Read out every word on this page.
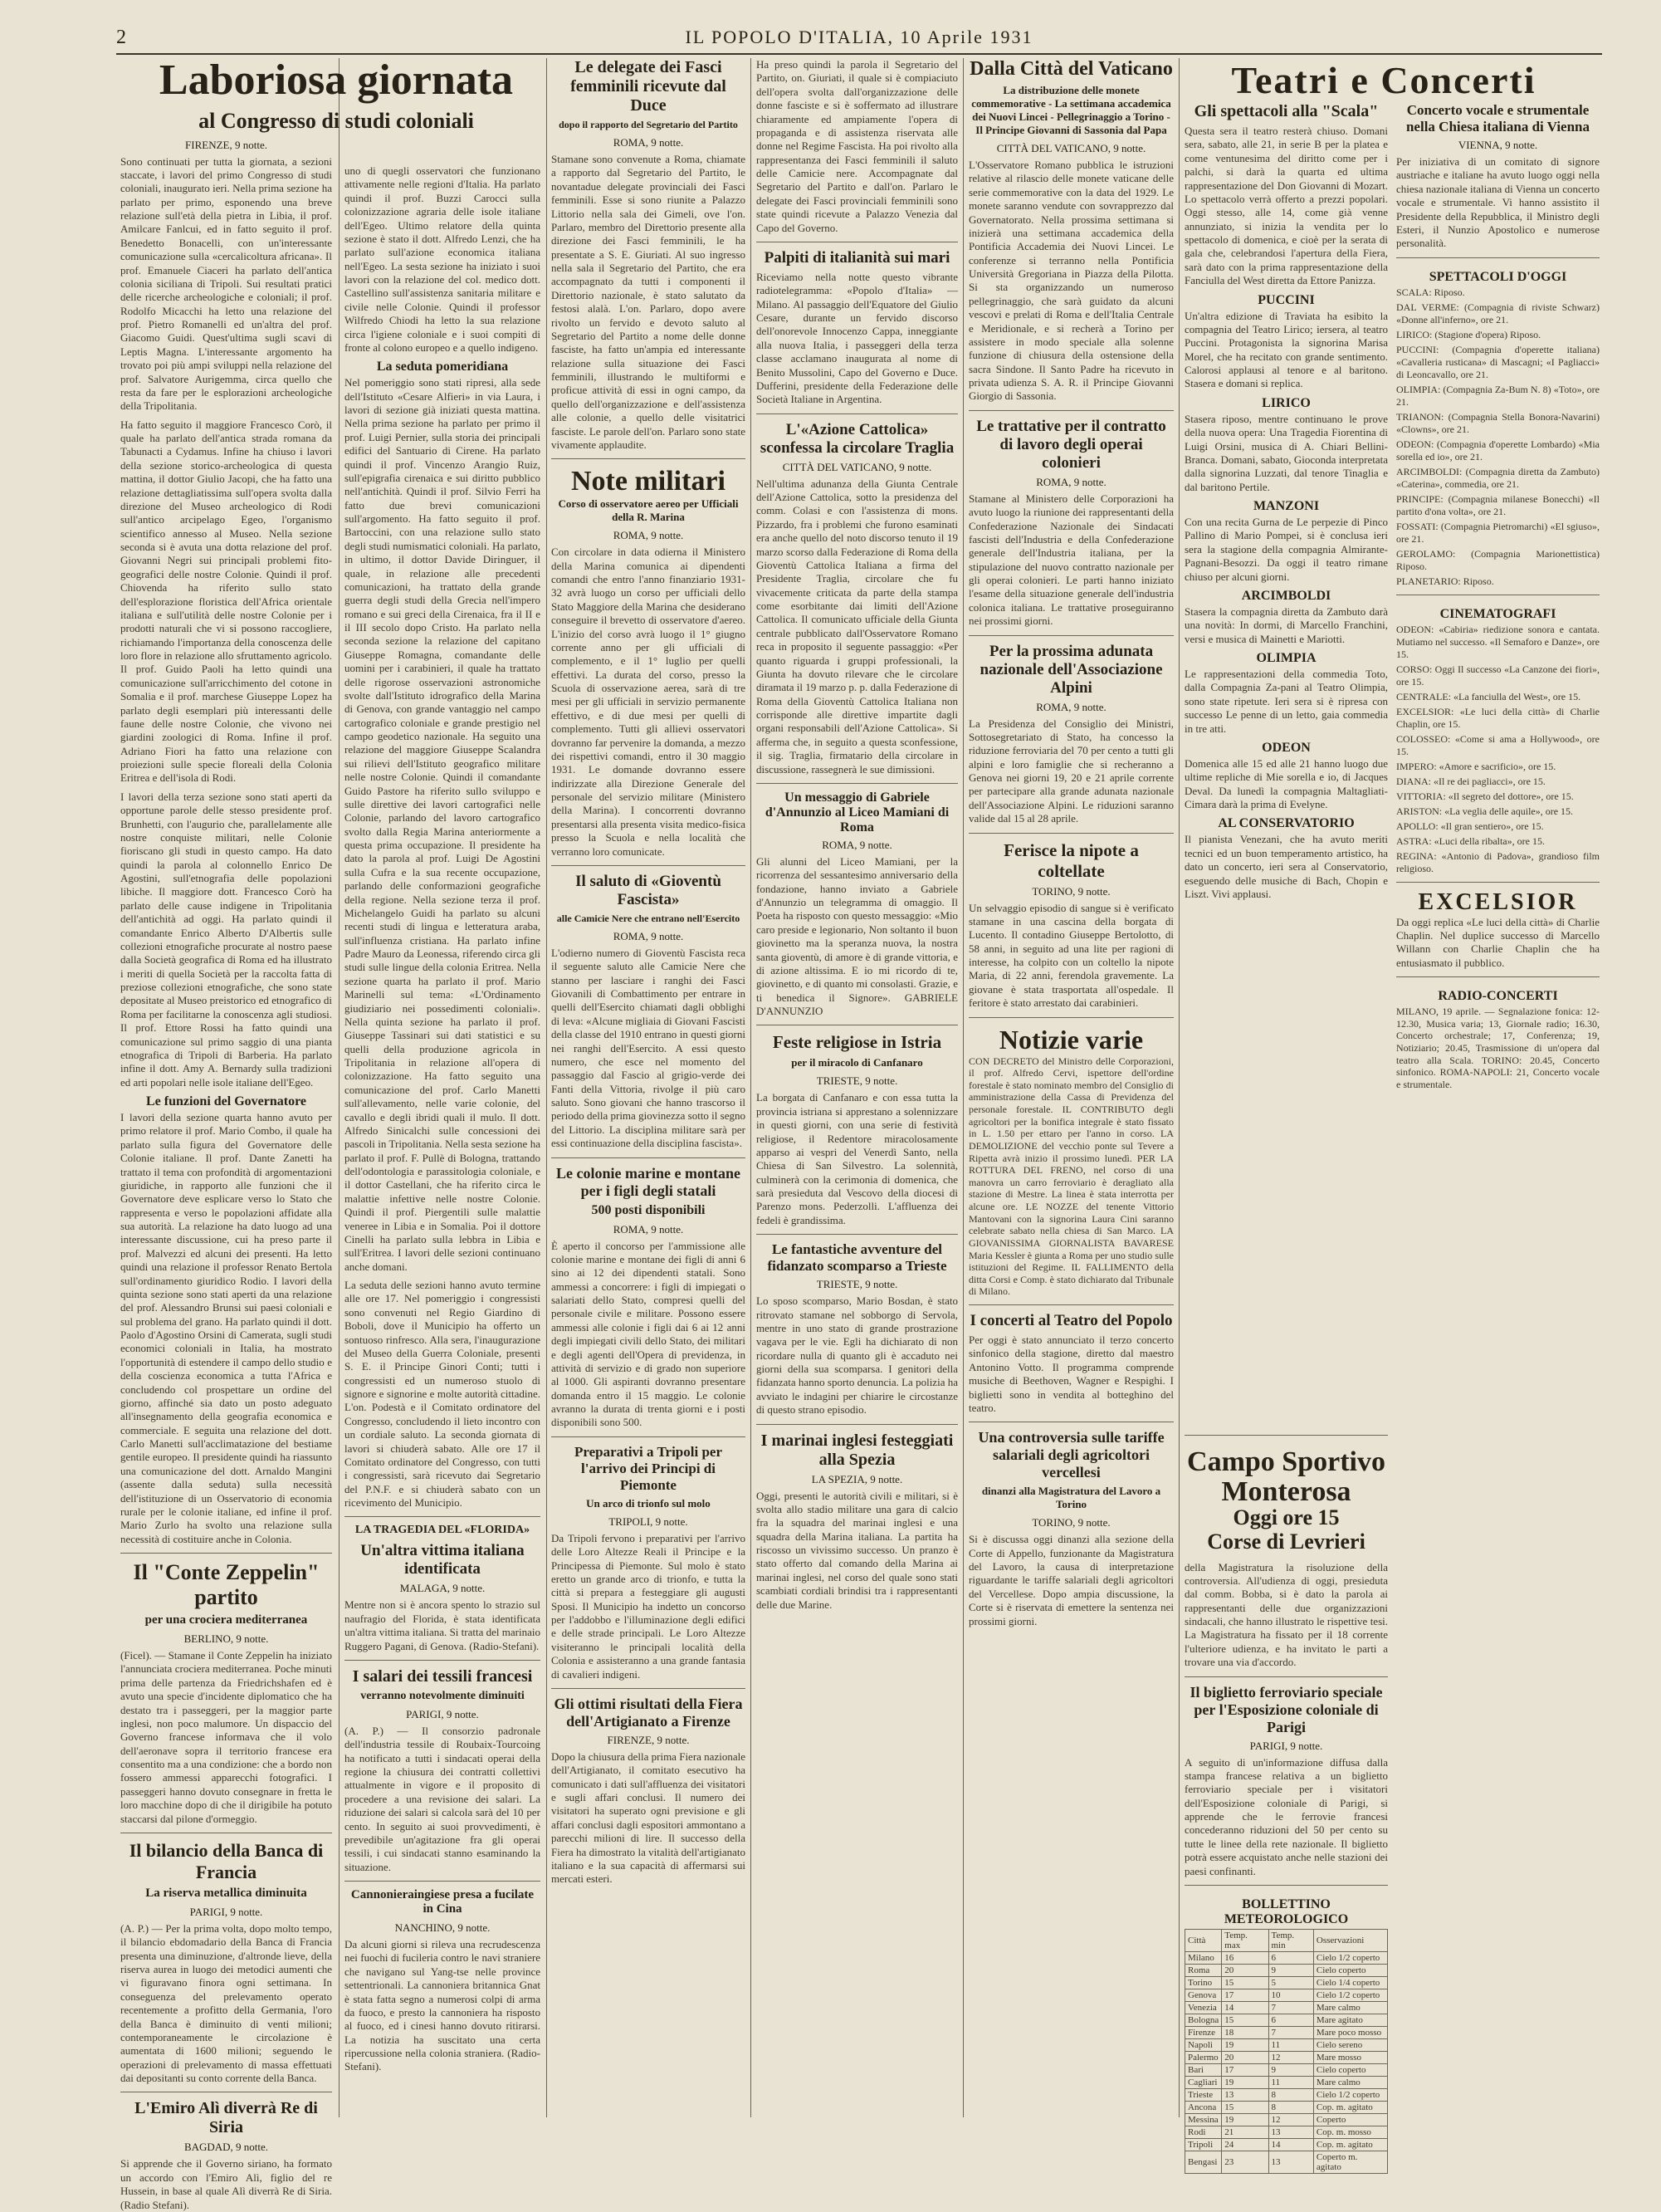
2	IL POPOLO D'ITALIA, 10 Aprile 1931
Laboriosa giornata
al Congresso di studi coloniali
FIRENZE, 9 notte.

Sono continuati per tutta la giornata, a sezioni staccate, i lavori del primo Congresso di studi coloniali, inaugurato ieri. Nella prima sezione ha parlato per primo, esponendo una breve relazione sull'età della pietra in Libia, il prof. Amilcare Fanlcui, ed in fatto seguito il prof. Benedetto Bonacelli, con un'interessante comunicazione sulla «cercalicoltura africana». Il prof. Emanuele Ciaceri ha parlato dell'antica colonia siciliana di Tripoli. Sui resultati pratici delle ricerche archeologiche e coloniali; il prof. Rodolfo Micacchi ha letto una relazione del prof. Pietro Romanelli ed un'altra del prof. Giacomo Guidi. Quest'ultima sugli scavi di Leptis Magna. L'interessante argomento ha trovato poi più ampi sviluppi nella relazione del prof. Salvatore Aurigemma, circa quello che resta da fare per le esplorazioni archeologiche della Tripolitania.

Ha fatto seguito il maggiore Francesco Corò, il quale ha parlato dell'antica strada romana da Tabunacti a Cydamus. Infine ha chiuso i lavori della sezione storico-archeologica di questa mattina, il dottor Giulio Jacopi, che ha fatto una relazione dettagliatissima sull'opera svolta dalla direzione del Museo archeologico di Rodi sull'antico arcipelago Egeo, l'organismo scientifico annesso al Museo. Nella sezione seconda si è avuta una dotta relazione del prof. Giovanni Negri sui principali problemi fito-geografici delle nostre Colonie. Quindi il prof. Chiovenda ha riferito sullo stato dell'esplorazione floristica dell'Africa orientale italiana e sull'utilità delle nostre Colonie per i prodotti naturali che vi si possono raccogliere, richiamando l'importanza della conoscenza delle loro flore in relazione allo sfruttamento agricolo. Il prof. Guido Paoli ha letto quindi una comunicazione sull'arricchimento del cotone in Somalia e il prof. marchese Giuseppe Lopez ha parlato degli esemplari più interessanti delle faune delle nostre Colonie, che vivono nei giardini zoologici di Roma. Infine il prof. Adriano Fiori ha fatto una relazione con proiezioni sulle specie floreali della Colonia Eritrea e dell'isola di Rodi.

I lavori della terza sezione sono stati aperti da opportune parole delle stesso presidente prof. Brunhetti, con l'augurio che, parallelamente alle nostre conquiste militari, nelle Colonie fioriscano gli studi in questo campo. Ha dato quindi la parola al colonnello Enrico De Agostini, sull'etnografia delle popolazioni libiche. Il maggiore dott. Francesco Corò ha parlato delle cause indigene in Tripolitania dell'antichità ad oggi. Ha parlato quindi il comandante Enrico Alberto D'Albertis sulle collezioni etnografiche procurate al nostro paese dalla Società geografica di Roma ed ha illustrato i meriti di quella Società per la raccolta fatta di preziose collezioni etnografiche, che sono state depositate al Museo preistorico ed etnografico di Roma per facilitarne la conoscenza agli studiosi. Il prof. Ettore Rossi ha fatto quindi una comunicazione sul primo saggio di una pianta etnografica di Tripoli di Barberia. Ha parlato infine il dott. Amy A. Bernardy sulla tradizioni ed arti popolari nelle isole italiane dell'Egeo.

Le funzioni del Governatore

I lavori della sezione quarta hanno avuto per primo relatore il prof. Mario Combo, il quale ha parlato sulla figura del Governatore delle Colonie italiane. Il prof. Dante Zanetti ha trattato il tema con profondità di argomentazioni giuridiche, in rapporto alle funzioni che il Governatore deve esplicare verso lo Stato che rappresenta e verso le popolazioni affidate alla sua autorità. La relazione ha dato luogo ad una interessante discussione, cui ha preso parte il prof. Malvezzi ed alcuni dei presenti. Ha letto quindi una relazione il professor Renato Bertola sull'ordinamento giuridico Rodio. I lavori della quinta sezione sono stati aperti da una relazione del prof. Alessandro Brunsi sui paesi coloniali e sul problema del grano. Ha parlato quindi il dott. Paolo d'Agostino Orsini di Camerata, sugli studi economici coloniali in Italia, ha mostrato l'opportunità di estendere il campo dello studio e della coscienza economica a tutta l'Africa e concludendo col prospettare un ordine del giorno, affinché sia dato un posto adeguato all'insegnamento della geografia economica e commerciale. E seguita una relazione del dott. Carlo Manetti sull'acclimatazione del bestiame gentile europeo. Il presidente quindi ha riassunto una comunicazione del dott. Arnaldo Mangini (assente dalla seduta) sulla necessità dell'istituzione di un Osservatorio di economia rurale per le colonie italiane, ed infine il prof. Mario Zurlo ha svolto una relazione sulla necessità di costituire anche in Colonia.

Il "Conte Zeppelin" partito
per una crociera mediterranea
BERLINO, 9 notte.

(Ficel). — Stamane il Conte Zeppelin ha iniziato l'annunciata crociera mediterranea. Poche minuti prima delle partenza da Friedrichshafen ed è avuto una specie d'incidente diplomatico che ha destato tra i passeggeri, per la maggior parte inglesi, non poco malumore. Un dispaccio del Governo francese informava che il volo dell'aeronave sopra il territorio francese era consentito ma a una condizione: che a bordo non fossero ammessi apparecchi fotografici. I passeggeri hanno dovuto consegnare in fretta le loro macchine dopo di che il dirigibile ha potuto staccarsi dal pilone d'ormeggio.

Il bilancio della Banca di Francia
La riserva metallica diminuita
PARIGI, 9 notte.

(A. P.) — Per la prima volta, dopo molto tempo, il bilancio ebdomadario della Banca di Francia presenta una diminuzione, d'altronde lieve, della riserva aurea in luogo dei metodici aumenti che vi figuravano finora ogni settimana. In conseguenza del prelevamento operato recentemente a profitto della Germania, l'oro della Banca è diminuito di venti milioni; contemporaneamente le circolazione è aumentata di 1600 milioni; seguendo le operazioni di prelevamento di massa effettuati dai depositanti su conto corrente della Banca.

L'Emiro Alì diverrà Re di Siria
BAGDAD, 9 notte.

Si apprende che il Governo siriano, ha formato un accordo con l'Emiro Alì, figlio del re Hussein, in base al quale Alì diverrà Re di Siria. (Radio Stefani).

uno di quegli osservatori che funzionano attivamente nelle regioni d'Italia. Ha parlato quindi il prof. Buzzi Carocci sulla colonizzazione agraria delle isole italiane dell'Egeo. Ultimo relatore della quinta sezione è stato il dott. Alfredo Lenzi, che ha parlato sull'azione economica italiana nell'Egeo. La sesta sezione ha iniziato i suoi lavori con la relazione del col. medico dott. Castellino sull'assistenza sanitaria militare e civile nelle Colonie. Quindi il professor Wilfredo Chiodi ha letto la sua relazione circa l'igiene coloniale e i suoi compiti di fronte al colono europeo e a quello indigeno.

La seduta pomeridiana

Nel pomeriggio sono stati ripresi, alla sede dell'Istituto «Cesare Alfieri» in via Laura, i lavori di sezione già iniziati questa mattina. Nella prima sezione ha parlato per primo il prof. Luigi Pernier, sulla storia dei principali edifici del Santuario di Cirene. Ha parlato quindi il prof. Vincenzo Arangio Ruiz, sull'epigrafia cirenaica e sui diritto pubblico nell'antichità. Quindi il prof. Silvio Ferri ha fatto due brevi comunicazioni sull'argomento. Ha fatto seguito il prof. Bartoccini, con una relazione sullo stato degli studi numismatici coloniali. Ha parlato, in ultimo, il dottor Davide Diringuer, il quale, in relazione alle precedenti comunicazioni, ha trattato della grande guerra degli studi della Grecia nell'impero romano e sui greci della Cirenaica, fra il II e il III secolo dopo Cristo. Ha parlato nella seconda sezione la relazione del capitano Giuseppe Romagna, comandante delle uomini per i carabinieri, il quale ha trattato delle rigorose osservazioni astronomiche svolte dall'Istituto idrografico della Marina di Genova, con grande vantaggio nel campo cartografico coloniale e grande prestigio nel campo geodetico nazionale. Ha seguito una relazione del maggiore Giuseppe Scalandra sui rilievi dell'Istituto geografico militare nelle nostre Colonie. Quindi il comandante Guido Pastore ha riferito sullo sviluppo e sulle direttive dei lavori cartografici nelle Colonie, parlando del lavoro cartografico svolto dalla Regia Marina anteriormente a questa prima occupazione. Il presidente ha dato la parola al prof. Luigi De Agostini sulla Cufra e la sua recente occupazione, parlando delle conformazioni geografiche della regione. Nella sezione terza il prof. Michelangelo Guidi ha parlato su alcuni recenti studi di lingua e letteratura araba, sull'influenza cristiana. Ha parlato infine Padre Mauro da Leonessa, riferendo circa gli studi sulle lingue della colonia Eritrea. Nella sezione quarta ha parlato il prof. Mario Marinelli sul tema: «L'Ordinamento giudiziario nei possedimenti coloniali». Nella quinta sezione ha parlato il prof. Giuseppe Tassinari sui dati statistici e su quelli della produzione agricola in Tripolitania in relazione all'opera di colonizzazione. Ha fatto seguito una comunicazione del prof. Carlo Manetti sull'allevamento, nelle varie colonie, del cavallo e degli ibridi quali il mulo. Il dott. Alfredo Sinicalchi sulle concessioni dei pascoli in Tripolitania. Nella sesta sezione ha parlato il prof. F. Pullè di Bologna, trattando dell'odontologia e parassitologia coloniale, e il dottor Castellani, che ha riferito circa le malattie infettive nelle nostre Colonie. Quindi il prof. Piergentili sulle malattie veneree in Libia e in Somalia. Poi il dottore Cinelli ha parlato sulla lebbra in Libia e sull'Eritrea. I lavori delle sezioni continuano anche domani.

La seduta delle sezioni hanno avuto termine alle ore 17. Nel pomeriggio i congressisti sono convenuti nel Regio Giardino di Boboli, dove il Municipio ha offerto un sontuoso rinfresco. Alla sera, l'inaugurazione del Museo della Guerra Coloniale, presenti S. E. il Principe Ginori Conti; tutti i congressisti ed un numeroso stuolo di signore e signorine e molte autorità cittadine. L'on. Podestà e il Comitato ordinatore del Congresso, concludendo il lieto incontro con un cordiale saluto. La seconda giornata di lavori si chiuderà sabato. Alle ore 17 il Comitato ordinatore del Congresso, con tutti i congressisti, sarà ricevuto dai Segretario del P.N.F. e si chiuderà sabato con un ricevimento del Municipio.

LA TRAGEDIA DEL «FLORIDA»
Un'altra vittima italiana identificata
MALAGA, 9 notte.

Mentre non si è ancora spento lo strazio sul naufragio del Florida, è stata identificata un'altra vittima italiana. Si tratta del marinaio Ruggero Pagani, di Genova. (Radio-Stefani).

I salari dei tessili francesi
verranno notevolmente diminuiti
PARIGI, 9 notte.

(A. P.) — Il consorzio padronale dell'industria tessile di Roubaix-Tourcoing ha notificato a tutti i sindacati operai della regione la chiusura dei contratti collettivi attualmente in vigore e il proposito di procedere a una revisione dei salari. La riduzione dei salari si calcola sarà del 10 per cento. In seguito ai suoi provvedimenti, è prevedibile un'agitazione fra gli operai tessili, i cui sindacati stanno esaminando la situazione.

Cannonieraingiese presa a fucilate in Cina
NANCHINO, 9 notte.

Da alcuni giorni si rileva una recrudescenza nei fuochi di fucileria contro le navi straniere che navigano sul Yang-tse nelle province settentrionali. La cannoniera britannica Gnat è stata fatta segno a numerosi colpi di arma da fuoco, e presto la cannoniera ha risposto al fuoco, ed i cinesi hanno dovuto ritirarsi. La notizia ha suscitato una certa ripercussione nella colonia straniera. (Radio-Stefani).

Le delegate dei Fasci femminili ricevute dal Duce
dopo il rapporto del Segretario del Partito
ROMA, 9 notte.

Stamane sono convenute a Roma, chiamate a rapporto dal Segretario del Partito, le novantadue delegate provinciali dei Fasci femminili. Esse si sono riunite a Palazzo Littorio nella sala dei Gimeli, ove l'on. Parlaro, membro del Direttorio presente alla direzione dei Fasci femminili, le ha presentate a S. E. Giuriati. Al suo ingresso nella sala il Segretario del Partito, che era accompagnato da tutti i componenti il Direttorio nazionale, è stato salutato da festosi alalà. L'on. Parlaro, dopo avere rivolto un fervido e devoto saluto al Segretario del Partito a nome delle donne fasciste, ha fatto un'ampia ed interessante relazione sulla situazione dei Fasci femminili, illustrando le multiformi e proficue attività di essi in ogni campo, da quello dell'organizzazione e dell'assistenza alle colonie, a quello delle visitatrici fasciste. Le parole dell'on. Parlaro sono state vivamente applaudite.

Note militari
Corso di osservatore aereo per Ufficiali della R. Marina
ROMA, 9 notte.

Con circolare in data odierna il Ministero della Marina comunica ai dipendenti comandi che entro l'anno finanziario 1931-32 avrà luogo un corso per ufficiali dello Stato Maggiore della Marina che desiderano conseguire il brevetto di osservatore d'aereo. L'inizio del corso avrà luogo il 1° giugno corrente anno per gli ufficiali di complemento, e il 1° luglio per quelli effettivi. La durata del corso, presso la Scuola di osservazione aerea, sarà di tre mesi per gli ufficiali in servizio permanente effettivo, e di due mesi per quelli di complemento. Tutti gli allievi osservatori dovranno far pervenire la domanda, a mezzo dei rispettivi comandi, entro il 30 maggio 1931. Le domande dovranno essere indirizzate alla Direzione Generale del personale del servizio militare (Ministero della Marina). I concorrenti dovranno presentarsi alla presenta visita medico-fisica presso la Scuola e nella località che verranno loro comunicate.

Il saluto di «Gioventù Fascista»
alle Camicie Nere che entrano nell'Esercito
ROMA, 9 notte.

L'odierno numero di Gioventù Fascista reca il seguente saluto alle Camicie Nere che stanno per lasciare i ranghi dei Fasci Giovanili di Combattimento per entrare in quelli dell'Esercito chiamati dagli obblighi di leva: «Alcune migliaia di Giovani Fascisti della classe del 1910 entrano in questi giorni nei ranghi dell'Esercito. A essi questo numero, che esce nel momento del passaggio dal Fascio al grigio-verde dei Fanti della Vittoria, rivolge il più caro saluto. Sono giovani che hanno trascorso il periodo della prima giovinezza sotto il segno del Littorio. La disciplina militare sarà per essi continuazione della disciplina fascista».

Le colonie marine e montane per i figli degli statali
500 posti disponibili
ROMA, 9 notte.

È aperto il concorso per l'ammissione alle colonie marine e montane dei figli di anni 6 sino ai 12 dei dipendenti statali. Sono ammessi a concorrere: i figli di impiegati o salariati dello Stato, compresi quelli del personale civile e militare. Possono essere ammessi alle colonie i figli dai 6 ai 12 anni degli impiegati civili dello Stato, dei militari e degli agenti dell'Opera di previdenza, in attività di servizio e di grado non superiore al 1000. Gli aspiranti dovranno presentare domanda entro il 15 maggio. Le colonie avranno la durata di trenta giorni e i posti disponibili sono 500.

Preparativi a Tripoli per l'arrivo dei Principi di Piemonte
Un arco di trionfo sul molo
TRIPOLI, 9 notte.

Da Tripoli fervono i preparativi per l'arrivo delle Loro Altezze Reali il Principe e la Principessa di Piemonte. Sul molo è stato eretto un grande arco di trionfo, e tutta la città si prepara a festeggiare gli augusti Sposi. Il Municipio ha indetto un concorso per l'addobbo e l'illuminazione degli edifici e delle strade principali. Le Loro Altezze visiteranno le principali località della Colonia e assisteranno a una grande fantasia di cavalieri indigeni.

Gli ottimi risultati della Fiera dell'Artigianato a Firenze
FIRENZE, 9 notte.

Dopo la chiusura della prima Fiera nazionale dell'Artigianato, il comitato esecutivo ha comunicato i dati sull'affluenza dei visitatori e sugli affari conclusi. Il numero dei visitatori ha superato ogni previsione e gli affari conclusi dagli espositori ammontano a parecchi milioni di lire. Il successo della Fiera ha dimostrato la vitalità dell'artigianato italiano e la sua capacità di affermarsi sui mercati esteri.

Ha preso quindi la parola il Segretario del Partito, on. Giuriati, il quale si è compiaciuto dell'opera svolta dall'organizzazione delle donne fasciste e si è soffermato ad illustrare chiaramente ed ampiamente l'opera di propaganda e di assistenza riservata alle donne nel Regime Fascista. Ha poi rivolto alla rappresentanza dei Fasci femminili il saluto delle Camicie nere. Accompagnate dal Segretario del Partito e dall'on. Parlaro le delegate dei Fasci provinciali femminili sono state quindi ricevute a Palazzo Venezia dal Capo del Governo.

Palpiti di italianità sui mari

Riceviamo nella notte questo vibrante radiotelegramma: «Popolo d'Italia» — Milano. Al passaggio dell'Equatore del Giulio Cesare, durante un fervido discorso dell'onorevole Innocenzo Cappa, inneggiante alla nuova Italia, i passeggeri della terza classe acclamano inaugurata al nome di Benito Mussolini, Capo del Governo e Duce. Dufferini, presidente della Federazione delle Società Italiane in Argentina.

L'«Azione Cattolica» sconfessa la circolare Traglia
CITTÀ DEL VATICANO, 9 notte.

Nell'ultima adunanza della Giunta Centrale dell'Azione Cattolica, sotto la presidenza del comm. Colasi e con l'assistenza di mons. Pizzardo, fra i problemi che furono esaminati era anche quello del noto discorso tenuto il 19 marzo scorso dalla Federazione di Roma della Gioventù Cattolica Italiana a firma del Presidente Traglia, circolare che fu vivacemente criticata da parte della stampa come esorbitante dai limiti dell'Azione Cattolica. Il comunicato ufficiale della Giunta centrale pubblicato dall'Osservatore Romano reca in proposito il seguente passaggio: «Per quanto riguarda i gruppi professionali, la Giunta ha dovuto rilevare che le circolare diramata il 19 marzo p. p. dalla Federazione di Roma della Gioventù Cattolica Italiana non corrisponde alle direttive impartite dagli organi responsabili dell'Azione Cattolica». Si afferma che, in seguito a questa sconfessione, il sig. Traglia, firmatario della circolare in discussione, rassegnerà le sue dimissioni.

Un messaggio di Gabriele d'Annunzio al Liceo Mamiani di Roma
ROMA, 9 notte.

Gli alunni del Liceo Mamiani, per la ricorrenza del sessantesimo anniversario della fondazione, hanno inviato a Gabriele d'Annunzio un telegramma di omaggio. Il Poeta ha risposto con questo messaggio: «Mio caro preside e legionario, Non soltanto il buon giovinetto ma la speranza nuova, la nostra santa gioventù, di amore è di grande vittoria, e di azione altissima. E io mi ricordo di te, giovinetto, e di quanto mi consolasti. Grazie, e ti benedica il Signore». GABRIELE D'ANNUNZIO

Feste religiose in Istria
per il miracolo di Canfanaro
TRIESTE, 9 notte.

La borgata di Canfanaro e con essa tutta la provincia istriana si apprestano a solennizzare in questi giorni, con una serie di festività religiose, il Redentore miracolosamente apparso ai vespri del Venerdì Santo, nella Chiesa di San Silvestro. La solennità, culminerà con la cerimonia di domenica, che sarà presieduta dal Vescovo della diocesi di Parenzo mons. Pederzolli. L'affluenza dei fedeli è grandissima.

Le fantastiche avventure del fidanzato scomparso a Trieste
TRIESTE, 9 notte.

Lo sposo scomparso, Mario Bosdan, è stato ritrovato stamane nel sobborgo di Servola, mentre in uno stato di grande prostrazione vagava per le vie. Egli ha dichiarato di non ricordare nulla di quanto gli è accaduto nei giorni della sua scomparsa. I genitori della fidanzata hanno sporto denuncia. La polizia ha avviato le indagini per chiarire le circostanze di questo strano episodio.

I marinai inglesi festeggiati alla Spezia
LA SPEZIA, 9 notte.

Oggi, presenti le autorità civili e militari, si è svolta allo stadio militare una gara di calcio fra la squadra del marinai inglesi e una squadra della Marina italiana. La partita ha riscosso un vivissimo successo. Un pranzo è stato offerto dal comando della Marina ai marinai inglesi, nel corso del quale sono stati scambiati cordiali brindisi tra i rappresentanti delle due Marine.

Dalla Città del Vaticano
La distribuzione delle monete commemorative - La settimana accademica dei Nuovi Lincei - Pellegrinaggio a Torino - Il Principe Giovanni di Sassonia dal Papa
CITTÀ DEL VATICANO, 9 notte.

L'Osservatore Romano pubblica le istruzioni relative al rilascio delle monete vaticane delle serie commemorative con la data del 1929. Le monete saranno vendute con sovrapprezzo dal Governatorato. Nella prossima settimana si inizierà una settimana accademica della Pontificia Accademia dei Nuovi Lincei. Le conferenze si terranno nella Pontificia Università Gregoriana in Piazza della Pilotta. Si sta organizzando un numeroso pellegrinaggio, che sarà guidato da alcuni vescovi e prelati di Roma e dell'Italia Centrale e Meridionale, e si recherà a Torino per assistere in modo speciale alla solenne funzione di chiusura della ostensione della sacra Sindone. Il Santo Padre ha ricevuto in privata udienza S. A. R. il Principe Giovanni Giorgio di Sassonia.

Le trattative per il contratto di lavoro degli operai colonieri
ROMA, 9 notte.

Stamane al Ministero delle Corporazioni ha avuto luogo la riunione dei rappresentanti della Confederazione Nazionale dei Sindacati fascisti dell'Industria e della Confederazione generale dell'Industria italiana, per la stipulazione del nuovo contratto nazionale per gli operai colonieri. Le parti hanno iniziato l'esame della situazione generale dell'industria colonica italiana. Le trattative proseguiranno nei prossimi giorni.

Per la prossima adunata nazionale dell'Associazione Alpini
ROMA, 9 notte.

La Presidenza del Consiglio dei Ministri, Sottosegretariato di Stato, ha concesso la riduzione ferroviaria del 70 per cento a tutti gli alpini e loro famiglie che si recheranno a Genova nei giorni 19, 20 e 21 aprile corrente per partecipare alla grande adunata nazionale dell'Associazione Alpini. Le riduzioni saranno valide dal 15 al 28 aprile.

Ferisce la nipote a coltellate
TORINO, 9 notte.

Un selvaggio episodio di sangue si è verificato stamane in una cascina della borgata di Lucento. Il contadino Giuseppe Bertolotto, di 58 anni, in seguito ad una lite per ragioni di interesse, ha colpito con un coltello la nipote Maria, di 22 anni, ferendola gravemente. La giovane è stata trasportata all'ospedale. Il feritore è stato arrestato dai carabinieri.

Notizie varie

CON DECRETO del Ministro delle Corporazioni, il prof. Alfredo Cervi, ispettore dell'ordine forestale è stato nominato membro del Consiglio di amministrazione della Cassa di Previdenza del personale forestale. IL CONTRIBUTO degli agricoltori per la bonifica integrale è stato fissato in L. 1.50 per ettaro per l'anno in corso. LA DEMOLIZIONE del vecchio ponte sul Tevere a Ripetta avrà inizio il prossimo lunedì. PER LA ROTTURA DEL FRENO, nel corso di una manovra un carro ferroviario è deragliato alla stazione di Mestre. La linea è stata interrotta per alcune ore. LE NOZZE del tenente Vittorio Mantovani con la signorina Laura Cini saranno celebrate sabato nella chiesa di San Marco. LA GIOVANISSIMA GIORNALISTA BAVARESE Maria Kessler è giunta a Roma per uno studio sulle istituzioni del Regime. IL FALLIMENTO della ditta Corsi e Comp. è stato dichiarato dal Tribunale di Milano.

I concerti al Teatro del Popolo

Per oggi è stato annunciato il terzo concerto sinfonico della stagione, diretto dal maestro Antonino Votto. Il programma comprende musiche di Beethoven, Wagner e Respighi. I biglietti sono in vendita al botteghino del teatro.

Una controversia sulle tariffe salariali degli agricoltori vercellesi
dinanzi alla Magistratura del Lavoro a Torino
TORINO, 9 notte.

Si è discussa oggi dinanzi alla sezione della Corte di Appello, funzionante da Magistratura del Lavoro, la causa di interpretazione riguardante le tariffe salariali degli agricoltori del Vercellese. Dopo ampia discussione, la Corte si è riservata di emettere la sentenza nei prossimi giorni.

Teatri e Concerti
Gli spettacoli alla "Scala"

Questa sera il teatro resterà chiuso. Domani sera, sabato, alle 21, in serie B per la platea e come ventunesima del diritto come per i palchi, si darà la quarta ed ultima rappresentazione del Don Giovanni di Mozart. Lo spettacolo verrà offerto a prezzi popolari. Oggi stesso, alle 14, come già venne annunziato, si inizia la vendita per lo spettacolo di domenica, e cioè per la serata di gala che, celebrandosi l'apertura della Fiera, sarà dato con la prima rappresentazione della Fanciulla del West diretta da Ettore Panizza.

PUCCINI

Un'altra edizione di Traviata ha esibito la compagnia del Teatro Lirico; iersera, al teatro Puccini. Protagonista la signorina Marisa Morel, che ha recitato con grande sentimento. Calorosi applausi al tenore e al baritono. Stasera e domani si replica.

LIRICO

Stasera riposo, mentre continuano le prove della nuova opera: Una Tragedia Fiorentina di Luigi Orsini, musica di A. Chiari Bellini-Branca. Domani, sabato, Gioconda interpretata dalla signorina Luzzati, dal tenore Tinaglia e dal baritono Pertile.

MANZONI

Con una recita Gurna de Le perpezie di Pinco Pallino di Mario Pompei, si è conclusa ieri sera la stagione della compagnia Almirante-Pagnani-Besozzi. Da oggi il teatro rimane chiuso per alcuni giorni.

ARCIMBOLDI

Stasera la compagnia diretta da Zambuto darà una novità: In dormi, di Marcello Franchini, versi e musica di Mainetti e Mariotti.

OLIMPIA

Le rappresentazioni della commedia Toto, dalla Compagnia Za-pani al Teatro Olimpia, sono state ripetute. Ieri sera si è ripresa con successo Le penne di un letto, gaia commedia in tre atti.

ODEON

Domenica alle 15 ed alle 21 hanno luogo due ultime repliche di Mie sorella e io, di Jacques Deval. Da lunedì la compagnia Maltagliati-Cimara darà la prima di Evelyne.

AL CONSERVATORIO

Il pianista Venezani, che ha avuto meriti tecnici ed un buon temperamento artistico, ha dato un concerto, ieri sera al Conservatorio, eseguendo delle musiche di Bach, Chopin e Liszt. Vivi applausi.

Concerto vocale e strumentale nella Chiesa italiana di Vienna
VIENNA, 9 notte.

Per iniziativa di un comitato di signore austriache e italiane ha avuto luogo oggi nella chiesa nazionale italiana di Vienna un concerto vocale e strumentale. Vi hanno assistito il Presidente della Repubblica, il Ministro degli Esteri, il Nunzio Apostolico e numerose personalità.

SPETTACOLI D'OGGI

SCALA: Riposo.

DAL VERME: (Compagnia di riviste Schwarz) «Donne all'inferno», ore 21.

LIRICO: (Stagione d'opera) Riposo.

PUCCINI: (Compagnia d'operette italiana) «Cavalleria rusticana» di Mascagni; «I Pagliacci» di Leoncavallo, ore 21.

OLIMPIA: (Compagnia Za-Bum N. 8) «Toto», ore 21.

TRIANON: (Compagnia Stella Bonora-Navarini) «Clowns», ore 21.

ODEON: (Compagnia d'operette Lombardo) «Mia sorella ed io», ore 21.

ARCIMBOLDI: (Compagnia diretta da Zambuto) «Caterina», commedia, ore 21.

PRINCIPE: (Compagnia milanese Bonecchi) «Il partito d'ona volta», ore 21.

FOSSATI: (Compagnia Pietromarchi) «El sgiuso», ore 21.

GEROLAMO: (Compagnia Marionettistica) Riposo.

PLANETARIO: Riposo.

CINEMATOGRAFI

ODEON: «Cabiria» riedizione sonora e cantata. Mutiamo nel successo. «Il Semaforo e Danze», ore 15.

CORSO: Oggi Il successo «La Canzone dei fiori», ore 15.

CENTRALE: «La fanciulla del West», ore 15.

EXCELSIOR: «Le luci della città» di Charlie Chaplin, ore 15.

COLOSSEO: «Come si ama a Hollywood», ore 15.

IMPERO: «Amore e sacrificio», ore 15.

DIANA: «Il re dei pagliacci», ore 15.

VITTORIA: «Il segreto del dottore», ore 15.

ARISTON: «La veglia delle aquile», ore 15.

APOLLO: «Il gran sentiero», ore 15.

ASTRA: «Luci della ribalta», ore 15.

REGINA: «Antonio di Padova», grandioso film religioso.

EXCELSIOR

Da oggi replica «Le luci della città» di Charlie Chaplin. Nel duplice successo di Marcello Willann con Charlie Chaplin che ha entusiasmato il pubblico.

RADIO-CONCERTI

MILANO, 19 aprile. — Segnalazione fonica: 12-12.30, Musica varia; 13, Giornale radio; 16.30, Concerto orchestrale; 17, Conferenza; 19, Notiziario; 20.45, Trasmissione di un'opera dal teatro alla Scala. TORINO: 20.45, Concerto sinfonico. ROMA-NAPOLI: 21, Concerto vocale e strumentale.

Campo Sportivo Monterosa
Oggi ore 15
Corse di Levrieri

della Magistratura la risoluzione della controversia. All'udienza di oggi, presieduta dal comm. Bobba, si è dato la parola ai rappresentanti delle due organizzazioni sindacali, che hanno illustrato le rispettive tesi. La Magistratura ha fissato per il 18 corrente l'ulteriore udienza, e ha invitato le parti a trovare una via d'accordo.

Il biglietto ferroviario speciale per l'Esposizione coloniale di Parigi
PARIGI, 9 notte.

A seguito di un'informazione diffusa dalla stampa francese relativa a un biglietto ferroviario speciale per i visitatori dell'Esposizione coloniale di Parigi, si apprende che le ferrovie francesi concederanno riduzioni del 50 per cento su tutte le linee della rete nazionale. Il biglietto potrà essere acquistato anche nelle stazioni dei paesi confinanti.

BOLLETTINO METEOROLOGICO
Città	Temp. max	Temp. min	Osservazioni
Milano	16	6	Cielo 1/2 coperto
Roma	20	9	Cielo coperto
Torino	15	5	Cielo 1/4 coperto
Genova	17	10	Cielo 1/2 coperto
Venezia	14	7	Mare calmo
Bologna	15	6	Mare agitato
Firenze	18	7	Mare poco mosso
Napoli	19	11	Cielo sereno
Palermo	20	12	Mare mosso
Bari	17	9	Cielo coperto
Cagliari	19	11	Mare calmo
Trieste	13	8	Cielo 1/2 coperto
Ancona	15	8	Cop. m. agitato
Messina	19	12	Coperto
Rodi	21	13	Cop. m. mosso
Tripoli	24	14	Cop. m. agitato
Bengasi	23	13	Coperto m. agitato
